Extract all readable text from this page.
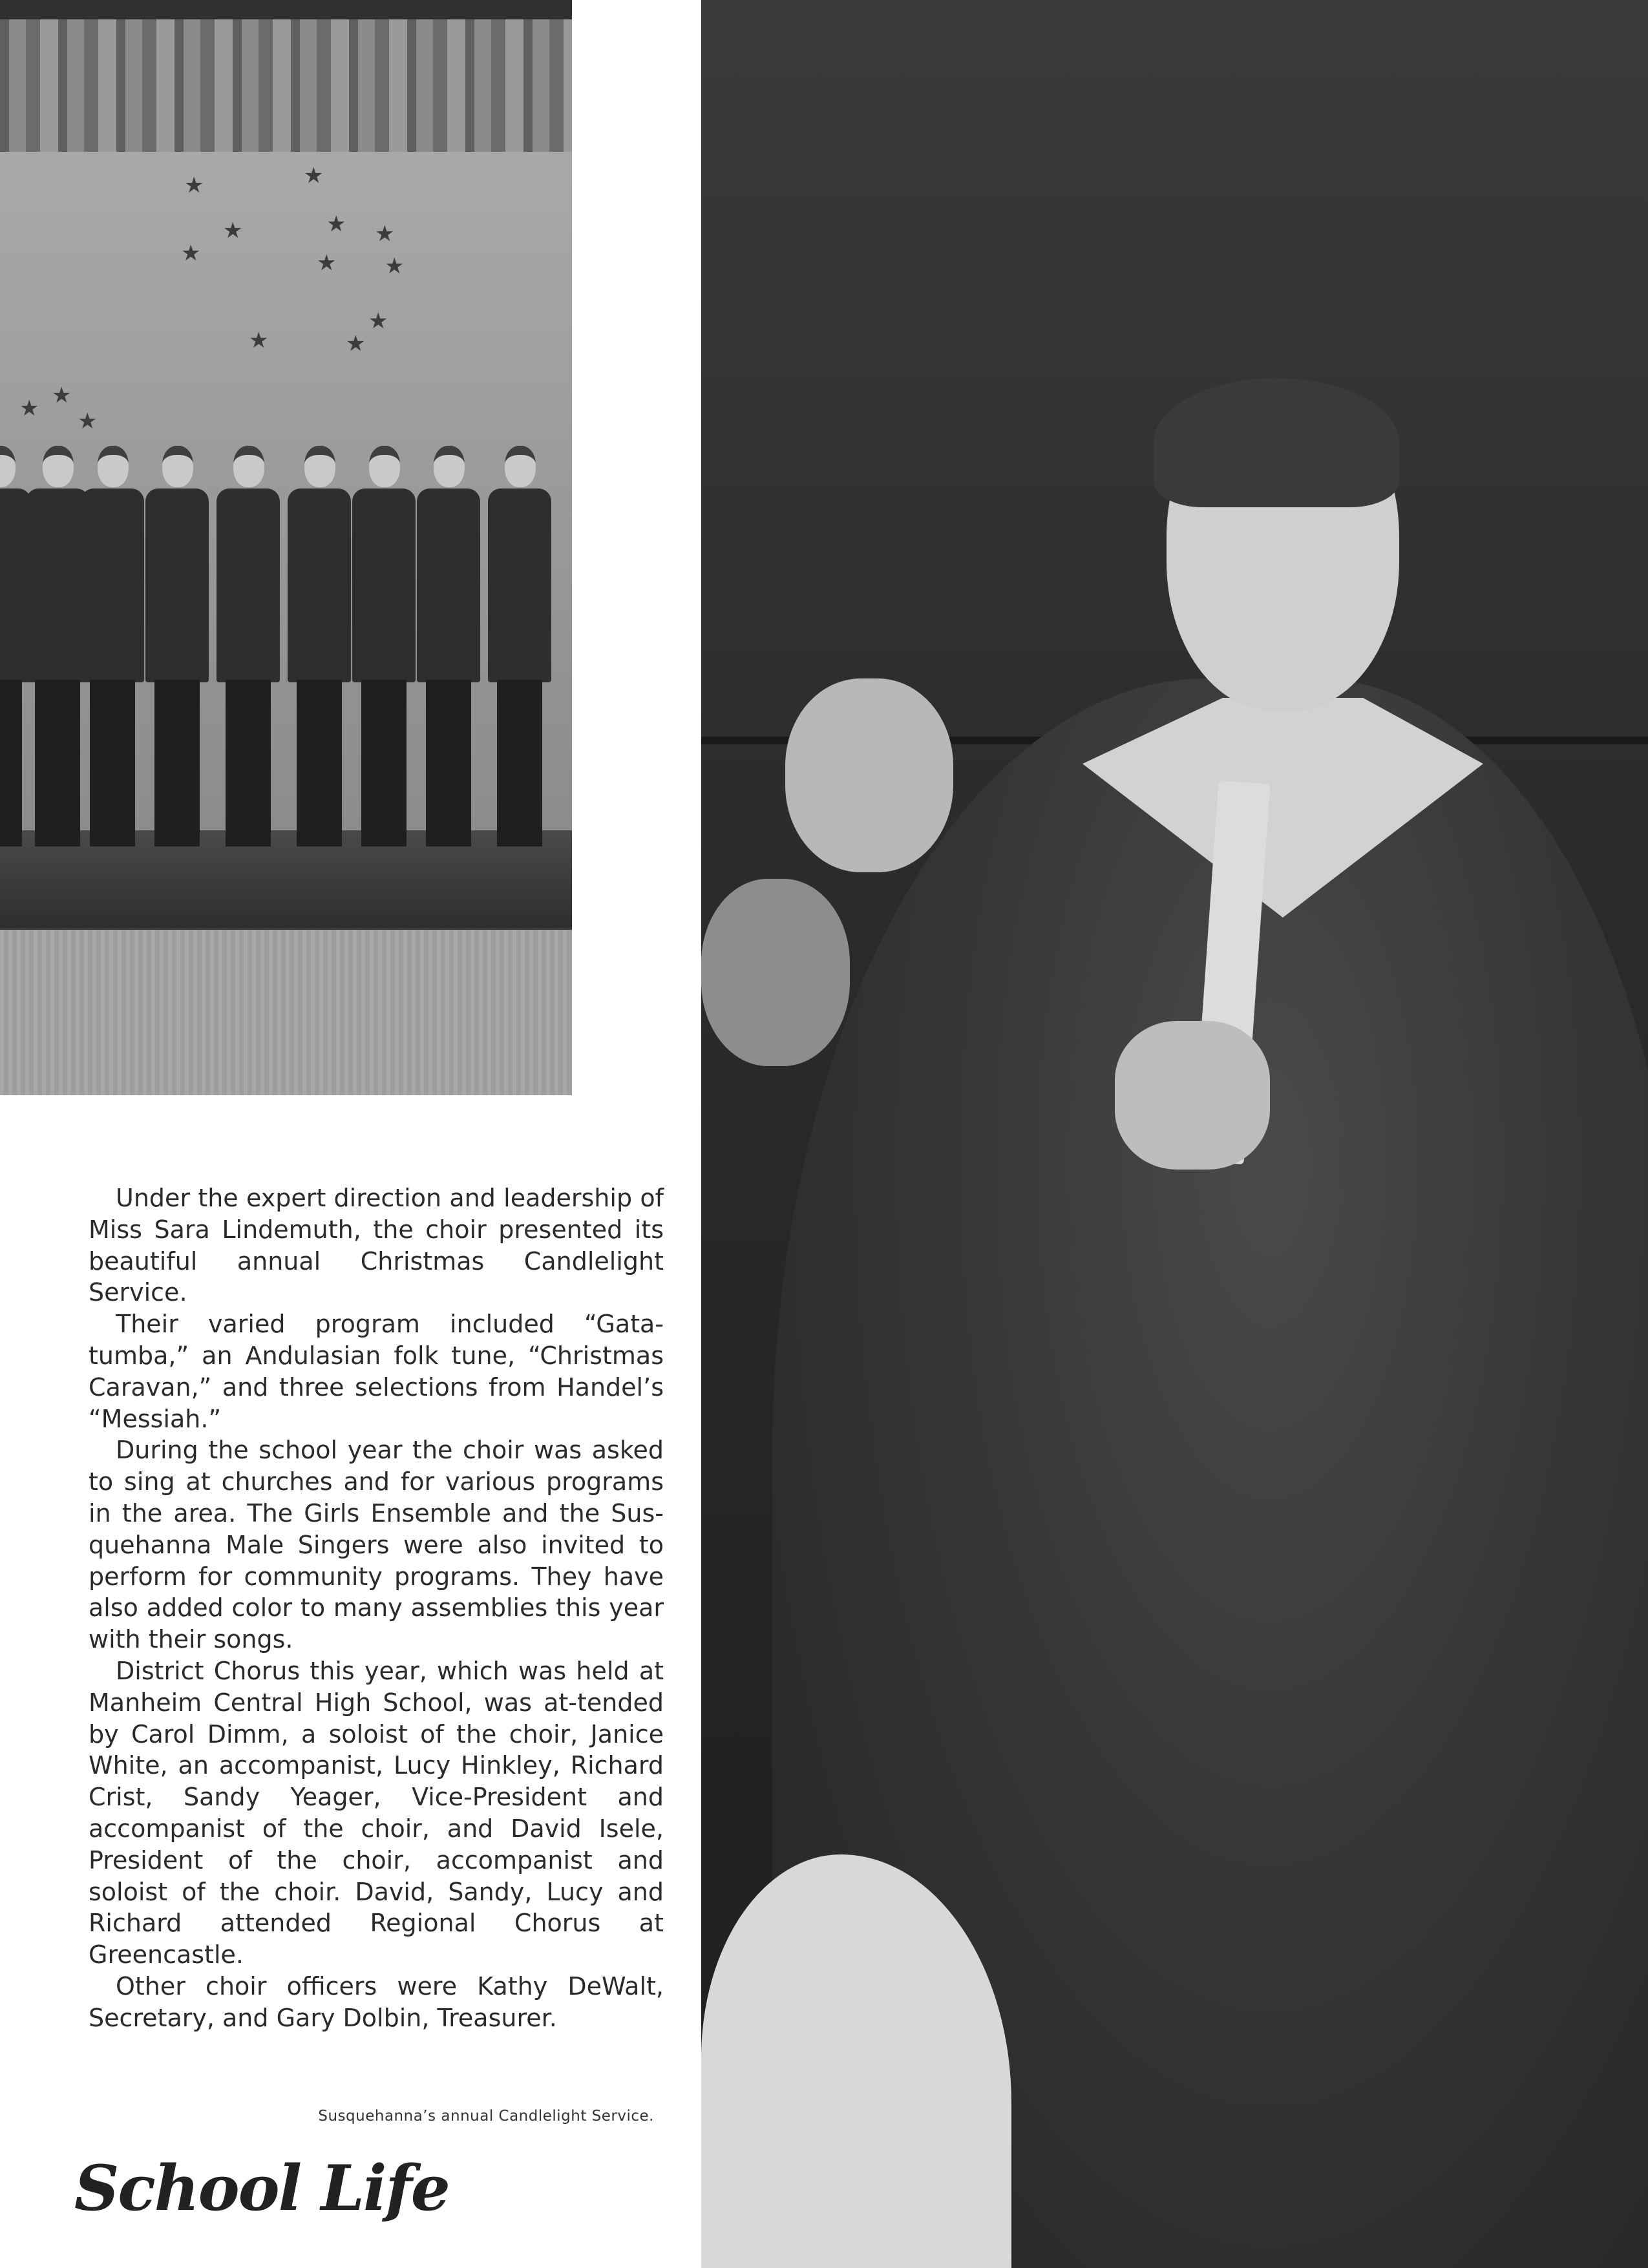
★	★
★	★ ★
★	★
★
★
★
★
★
★ ★

Under the expert direction and leadership of Miss Sara Lindemuth, the choir presented its beautiful annual Christmas Candlelight Service.

Their varied program included “Gata-tumba,” an Andulasian folk tune, “Christmas Caravan,” and three selections from Handel’s “Messiah.”

During the school year the choir was asked to sing at churches and for various programs in the area. The Girls Ensemble and the Sus-quehanna Male Singers were also invited to perform for community programs. They have also added color to many assemblies this year with their songs.

District Chorus this year, which was held at Manheim Central High School, was at-tended by Carol Dimm, a soloist of the choir, Janice White, an accompanist, Lucy Hinkley, Richard Crist, Sandy Yeager, Vice-President and accompanist of the choir, and David Isele, President of the choir, accompanist and soloist of the choir. David, Sandy, Lucy and Richard attended Regional Chorus at Greencastle.

Other choir officers were Kathy DeWalt, Secretary, and Gary Dolbin, Treasurer.

Susquehanna’s annual Candlelight Service.
School Life
